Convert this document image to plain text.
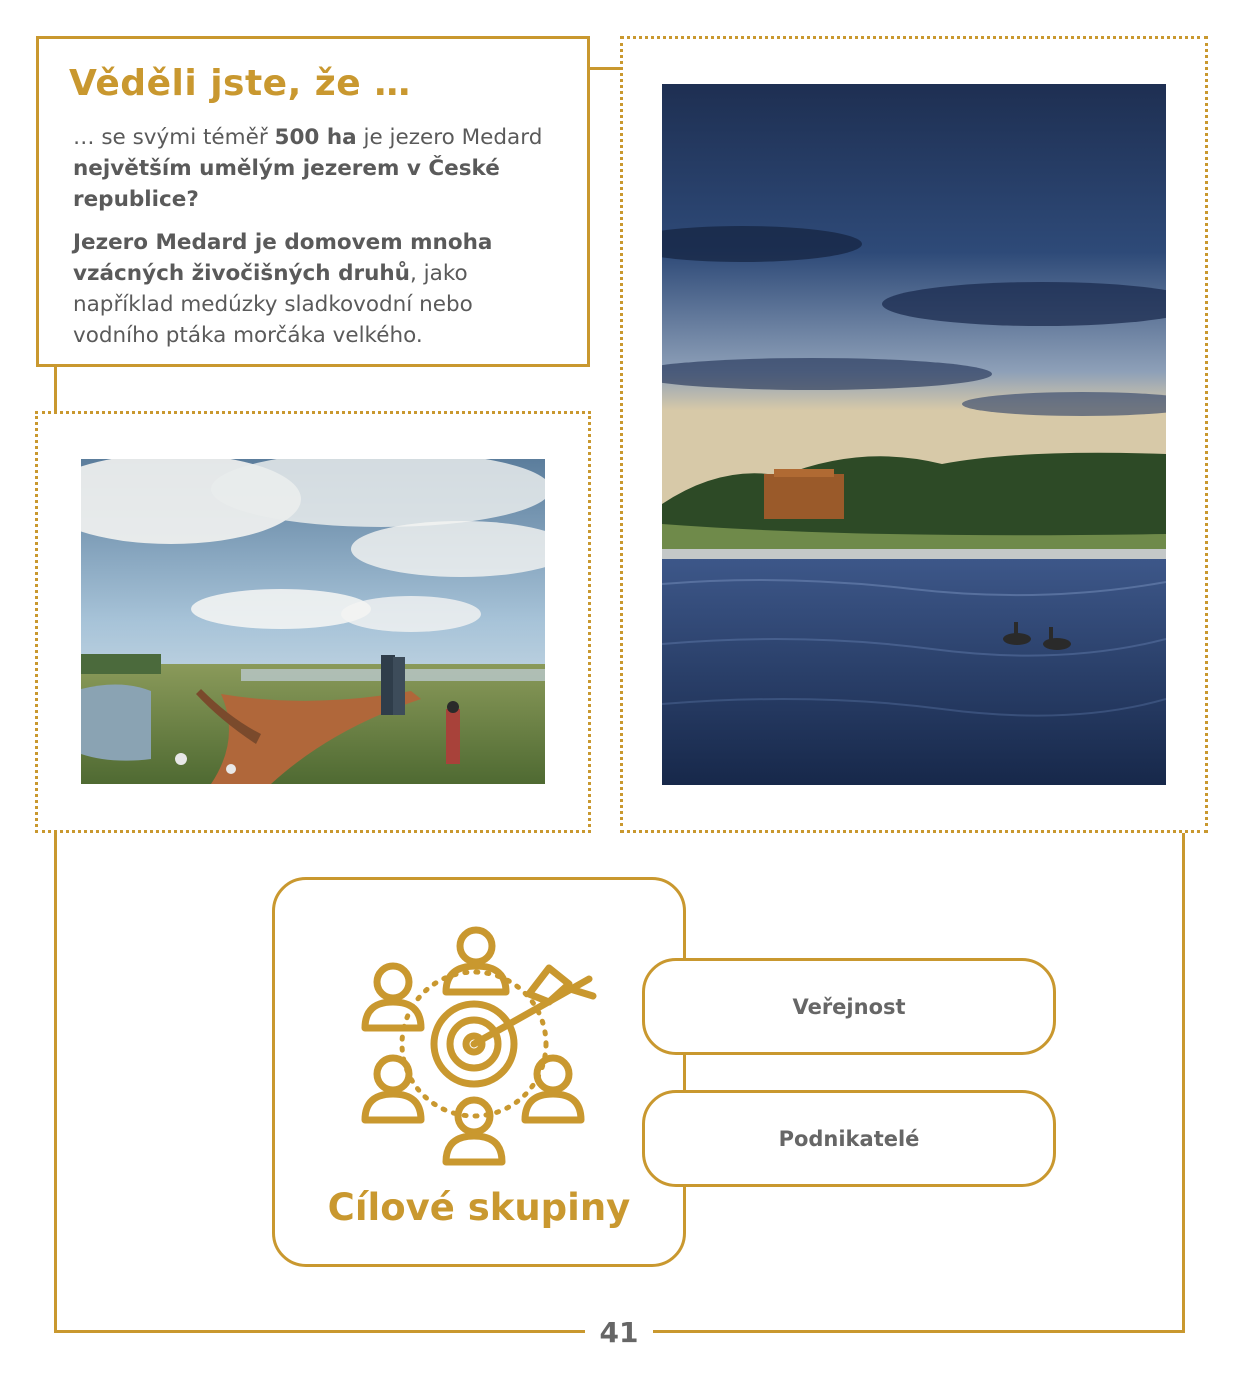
Věděli jste, že …

… se svými téměř 500 ha je jezero Medard největším umělým jezerem v České republice?

Jezero Medard je domovem mnoha vzácných živočišných druhů, jako například medúzky sladkovodní nebo vodního ptáka morčáka velkého.

Cílové skupiny
Veřejnost
Podnikatelé
41
